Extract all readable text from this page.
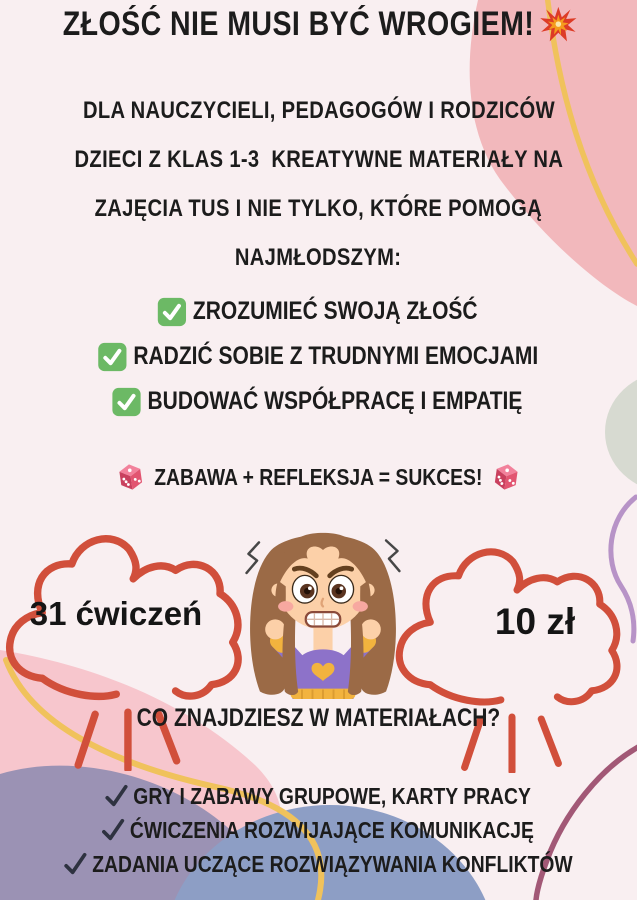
ZŁOŚĆ NIE MUSI BYĆ WROGIEM!
DLA NAUCZYCIELI, PEDAGOGÓW I RODZICÓW
DZIECI Z KLAS 1-3  KREATYWNE MATERIAŁY NA
ZAJĘCIA TUS I NIE TYLKO, KTÓRE POMOGĄ
NAJMŁODSZYM:
ZROZUMIEĆ SWOJĄ ZŁOŚĆ
RADZIĆ SOBIE Z TRUDNYMI EMOCJAMI
BUDOWAĆ WSPÓŁPRACĘ I EMPATIĘ
ZABAWA + REFLEKSJA = SUKCES!
31 ćwiczeń	10 zł
CO ZNAJDZIESZ W MATERIAŁACH?
GRY I ZABAWY GRUPOWE, KARTY PRACY
ĆWICZENIA ROZWIJAJĄCE KOMUNIKACJĘ
ZADANIA UCZĄCE ROZWIĄZYWANIA KONFLIKTÓW
